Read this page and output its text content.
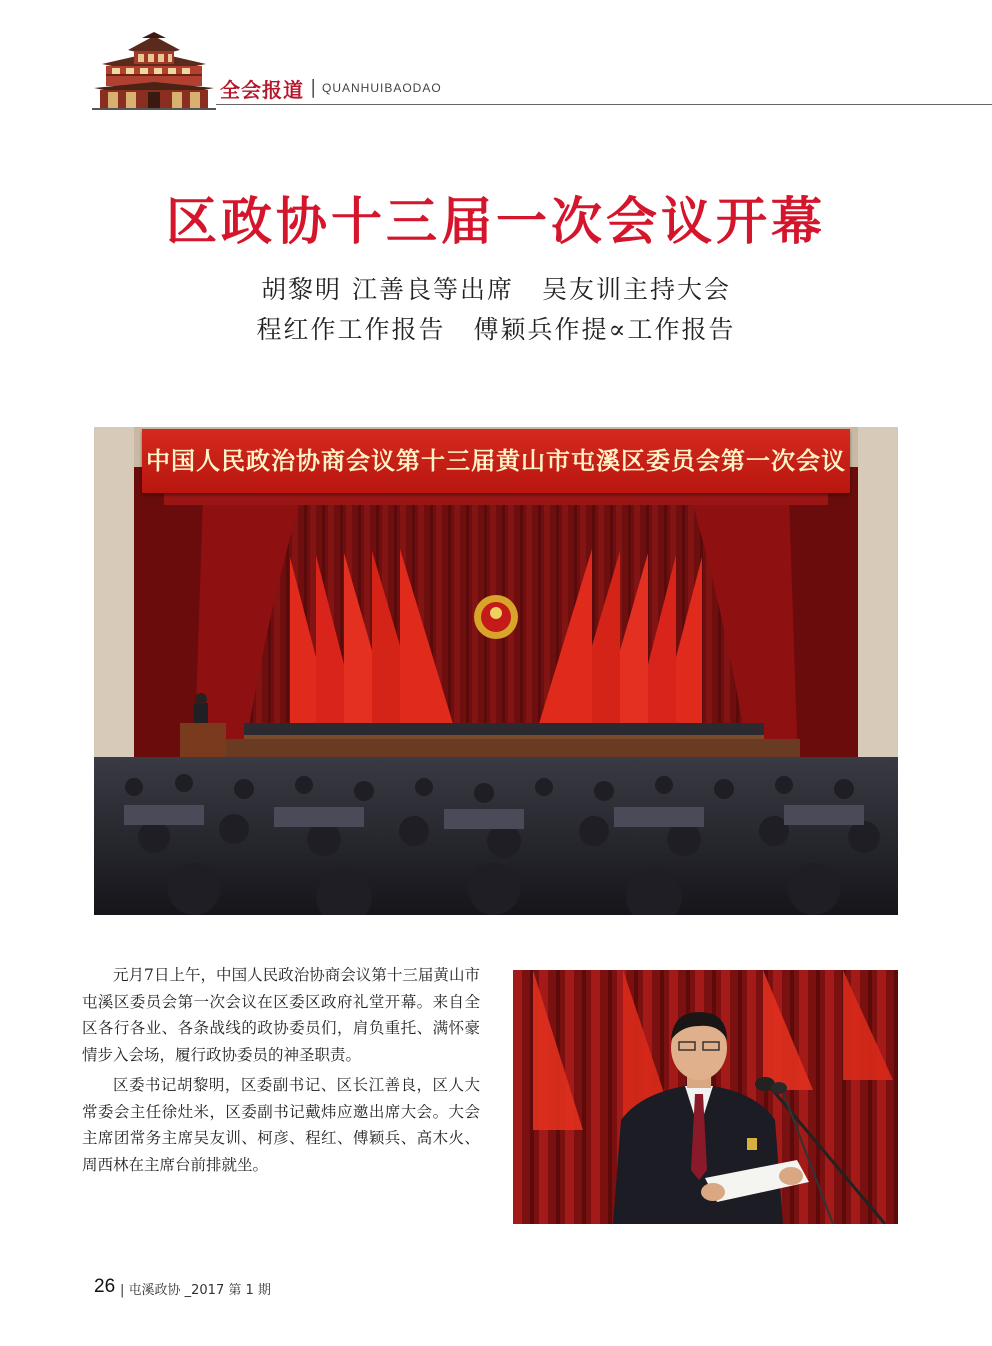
全会报道 | QUANHUIBAODAO
区政协十三届一次会议开幕
胡黎明 江善良等出席 吴友训主持大会
程红作工作报告 傅颖兵作提∝工作报告
中国人民政治协商会议第十三届黄山市屯溪区委员会第一次会议

元月7日上午，中国人民政治协商会议第十三届黄山市屯溪区委员会第一次会议在区委区政府礼堂开幕。来自全区各行各业、各条战线的政协委员们，肩负重托、满怀豪情步入会场，履行政协委员的神圣职责。

区委书记胡黎明，区委副书记、区长江善良，区人大常委会主任徐灶米，区委副书记戴炜应邀出席大会。大会主席团常务主席吴友训、柯彦、程红、傅颖兵、高木火、周西林在主席台前排就坐。

26 | 屯溪政协 _2017 第 1 期
